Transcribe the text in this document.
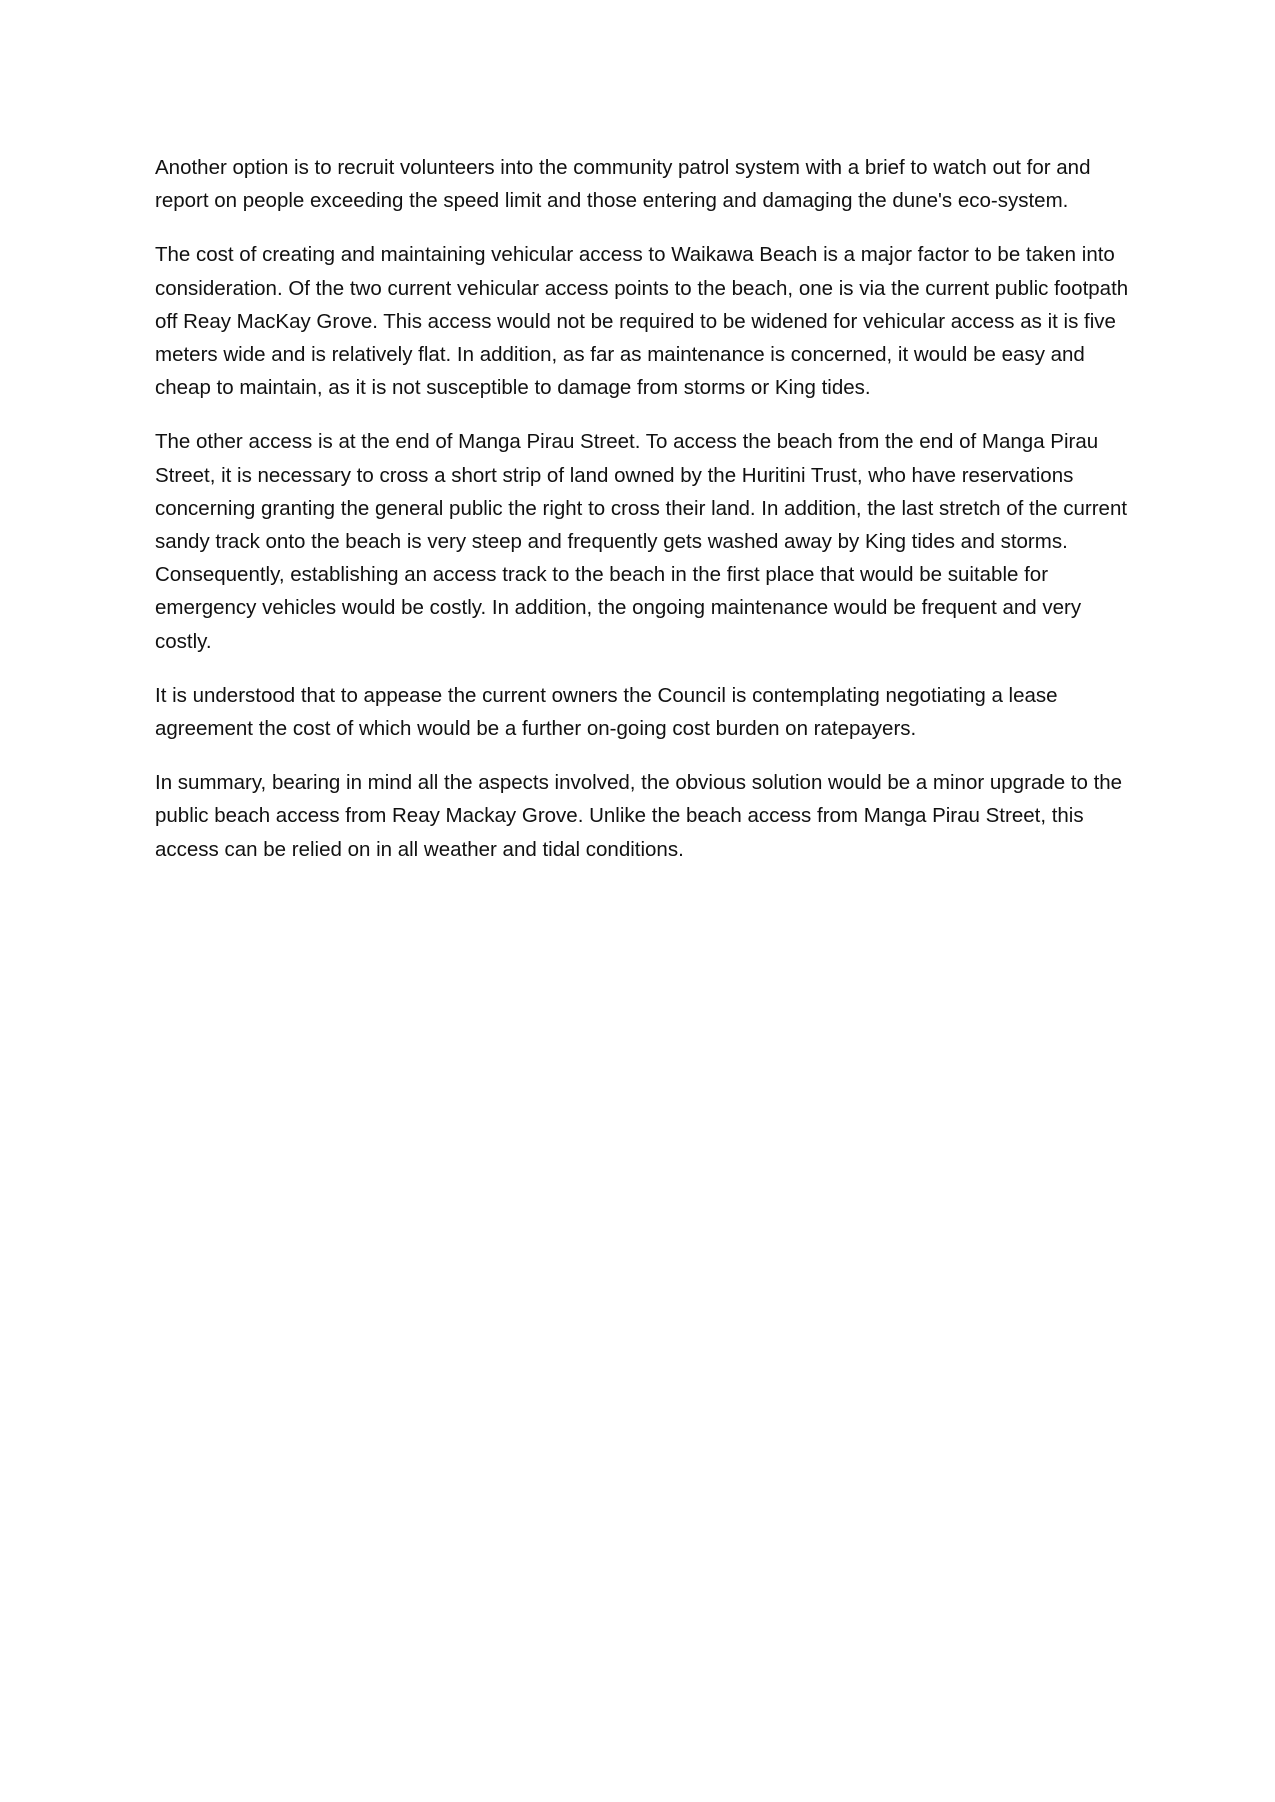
Another option is to recruit volunteers into the community patrol system with a brief to watch out for and report on people exceeding the speed limit and those entering and damaging the dune's eco-system.

The cost of creating and maintaining vehicular access to Waikawa Beach is a major factor to be taken into consideration. Of the two current vehicular access points to the beach, one is via the current public footpath off Reay MacKay Grove. This access would not be required to be widened for vehicular access as it is five meters wide and is relatively flat. In addition, as far as maintenance is concerned, it would be easy and cheap to maintain, as it is not susceptible to damage from storms or King tides.

The other access is at the end of Manga Pirau Street. To access the beach from the end of Manga Pirau Street, it is necessary to cross a short strip of land owned by the Huritini Trust, who have reservations concerning granting the general public the right to cross their land. In addition, the last stretch of the current sandy track onto the beach is very steep and frequently gets washed away by King tides and storms. Consequently, establishing an access track to the beach in the first place that would be suitable for emergency vehicles would be costly. In addition, the ongoing maintenance would be frequent and very costly.

It is understood that to appease the current owners the Council is contemplating negotiating a lease agreement the cost of which would be a further on-going cost burden on ratepayers.

In summary, bearing in mind all the aspects involved, the obvious solution would be a minor upgrade to the public beach access from Reay Mackay Grove. Unlike the beach access from Manga Pirau Street, this access can be relied on in all weather and tidal conditions.
